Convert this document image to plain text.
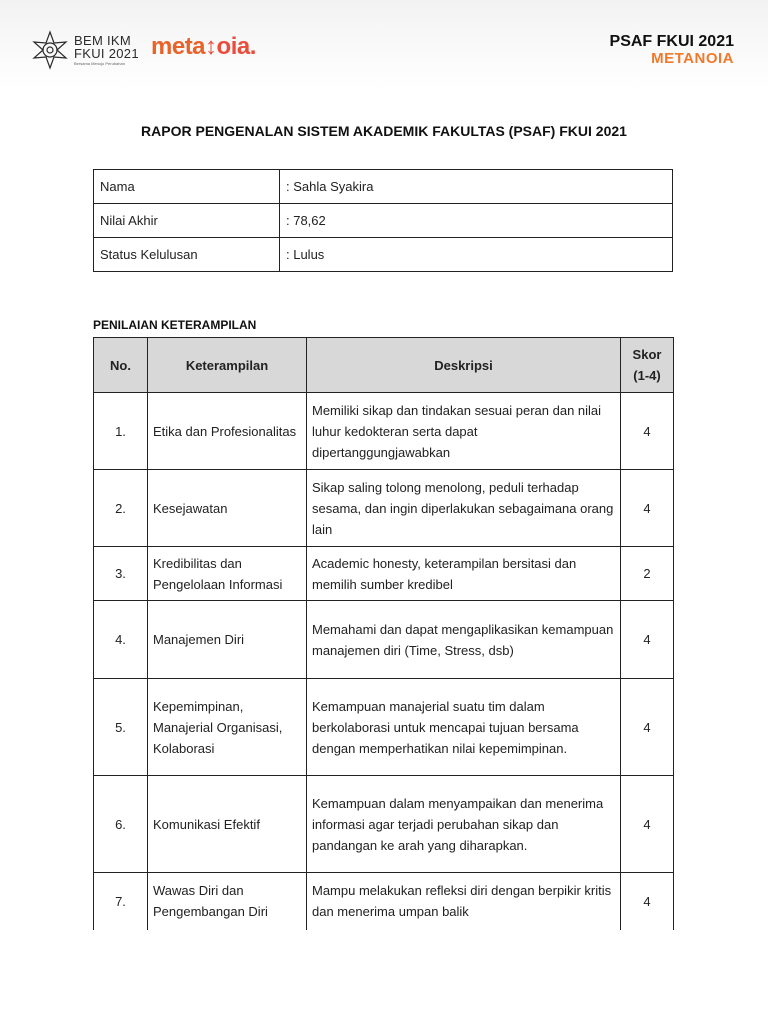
BEM IKM
FKUI 2021
Bersama Menuju Perubahan
meta↕oia.	PSAF FKUI 2021
METANOIA
RAPOR PENGENALAN SISTEM AKADEMIK FAKULTAS (PSAF) FKUI 2021
Nama	: Sahla Syakira
Nilai Akhir	: 78,62
Status Kelulusan	: Lulus
PENILAIAN KETERAMPILAN
No.	Keterampilan	Deskripsi	Skor
(1-4)
1.	Etika dan Profesionalitas	Memiliki sikap dan tindakan sesuai peran dan nilai luhur kedokteran serta dapat dipertanggungjawabkan	4
2.	Kesejawatan	Sikap saling tolong menolong, peduli terhadap sesama, dan ingin diperlakukan sebagaimana orang lain	4
3.	Kredibilitas dan Pengelolaan Informasi	Academic honesty, keterampilan bersitasi dan memilih sumber kredibel	2
4.	Manajemen Diri	Memahami dan dapat mengaplikasikan kemampuan manajemen diri (Time, Stress, dsb)	4
5.	Kepemimpinan, Manajerial Organisasi, Kolaborasi	Kemampuan manajerial suatu tim dalam berkolaborasi untuk mencapai tujuan bersama dengan memperhatikan nilai kepemimpinan.	4
6.	Komunikasi Efektif	Kemampuan dalam menyampaikan dan menerima informasi agar terjadi perubahan sikap dan pandangan ke arah yang diharapkan.	4
7.	Wawas Diri dan Pengembangan Diri	Mampu melakukan refleksi diri dengan berpikir kritis dan menerima umpan balik	4
